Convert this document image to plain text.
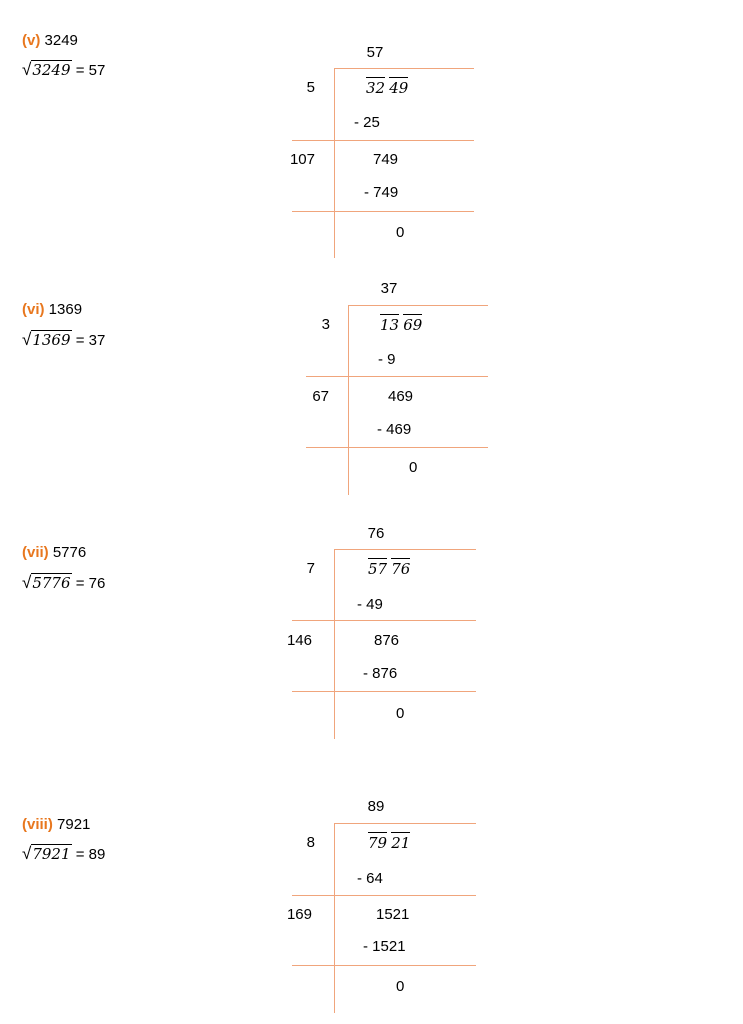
(v) 3249
√3249 = 57
57
5	32 49
- 25
107	749
- 749
0
(vi) 1369
√1369 = 37
37
3	13 69
- 9
67	469
- 469
0
(vii) 5776
√5776 = 76
76
7	57 76
- 49
146	876
- 876
0
(viii) 7921
√7921 = 89
89
8	79 21
- 64
169	1521
- 1521
0
